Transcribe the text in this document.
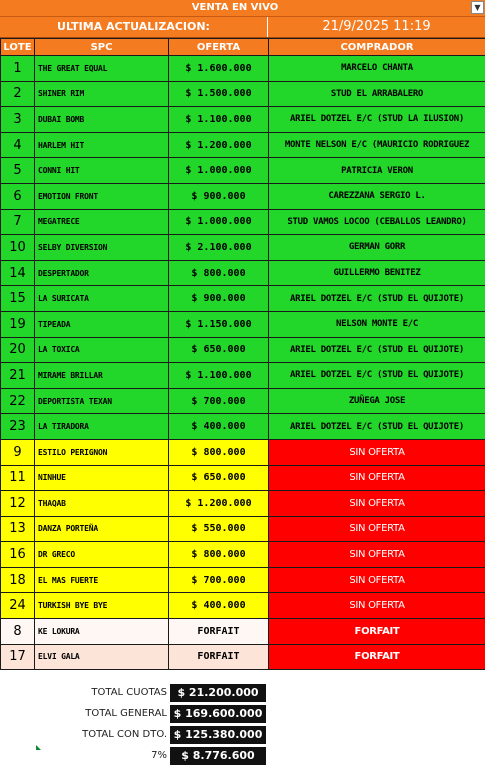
VENTA EN VIVO	▼
ULTIMA ACTUALIZACION:	21/9/2025 11:19
LOTE	SPC	OFERTA	COMPRADOR
1	THE GREAT EQUAL	$ 1.600.000	MARCELO CHANTA
2	SHINER RIM	$ 1.500.000	STUD EL ARRABALERO
3	DUBAI BOMB	$ 1.100.000	ARIEL DOTZEL E/C (STUD LA ILUSION)
4	HARLEM HIT	$ 1.200.000	MONTE NELSON E/C (MAURICIO RODRIGUEZ
5	CONNI HIT	$ 1.000.000	PATRICIA VERON
6	EMOTION FRONT	$ 900.000	CAREZZANA SERGIO L.
7	MEGATRECE	$ 1.000.000	STUD VAMOS LOCOO (CEBALLOS LEANDRO)
10	SELBY DIVERSION	$ 2.100.000	GERMAN GORR
14	DESPERTADOR	$ 800.000	GUILLERMO BENITEZ
15	LA SURICATA	$ 900.000	ARIEL DOTZEL E/C (STUD EL QUIJOTE)
19	TIPEADA	$ 1.150.000	NELSON MONTE E/C
20	LA TOXICA	$ 650.000	ARIEL DOTZEL E/C (STUD EL QUIJOTE)
21	MIRAME BRILLAR	$ 1.100.000	ARIEL DOTZEL E/C (STUD EL QUIJOTE)
22	DEPORTISTA TEXAN	$ 700.000	ZUÑEGA JOSE
23	LA TIRADORA	$ 400.000	ARIEL DOTZEL E/C (STUD EL QUIJOTE)
9	ESTILO PERIGNON	$ 800.000	SIN OFERTA
11	NINHUE	$ 650.000	SIN OFERTA
12	THAQAB	$ 1.200.000	SIN OFERTA
13	DANZA PORTEÑA	$ 550.000	SIN OFERTA
16	DR GRECO	$ 800.000	SIN OFERTA
18	EL MAS FUERTE	$ 700.000	SIN OFERTA
24	TURKISH BYE BYE	$ 400.000	SIN OFERTA
8	KE LOKURA	FORFAIT	FORFAIT
17	ELVI GALA	FORFAIT	FORFAIT
TOTAL CUOTAS $ 21.200.000
TOTAL GENERAL $ 169.600.000
TOTAL CON DTO. $ 125.380.000
7%	$ 8.776.600
